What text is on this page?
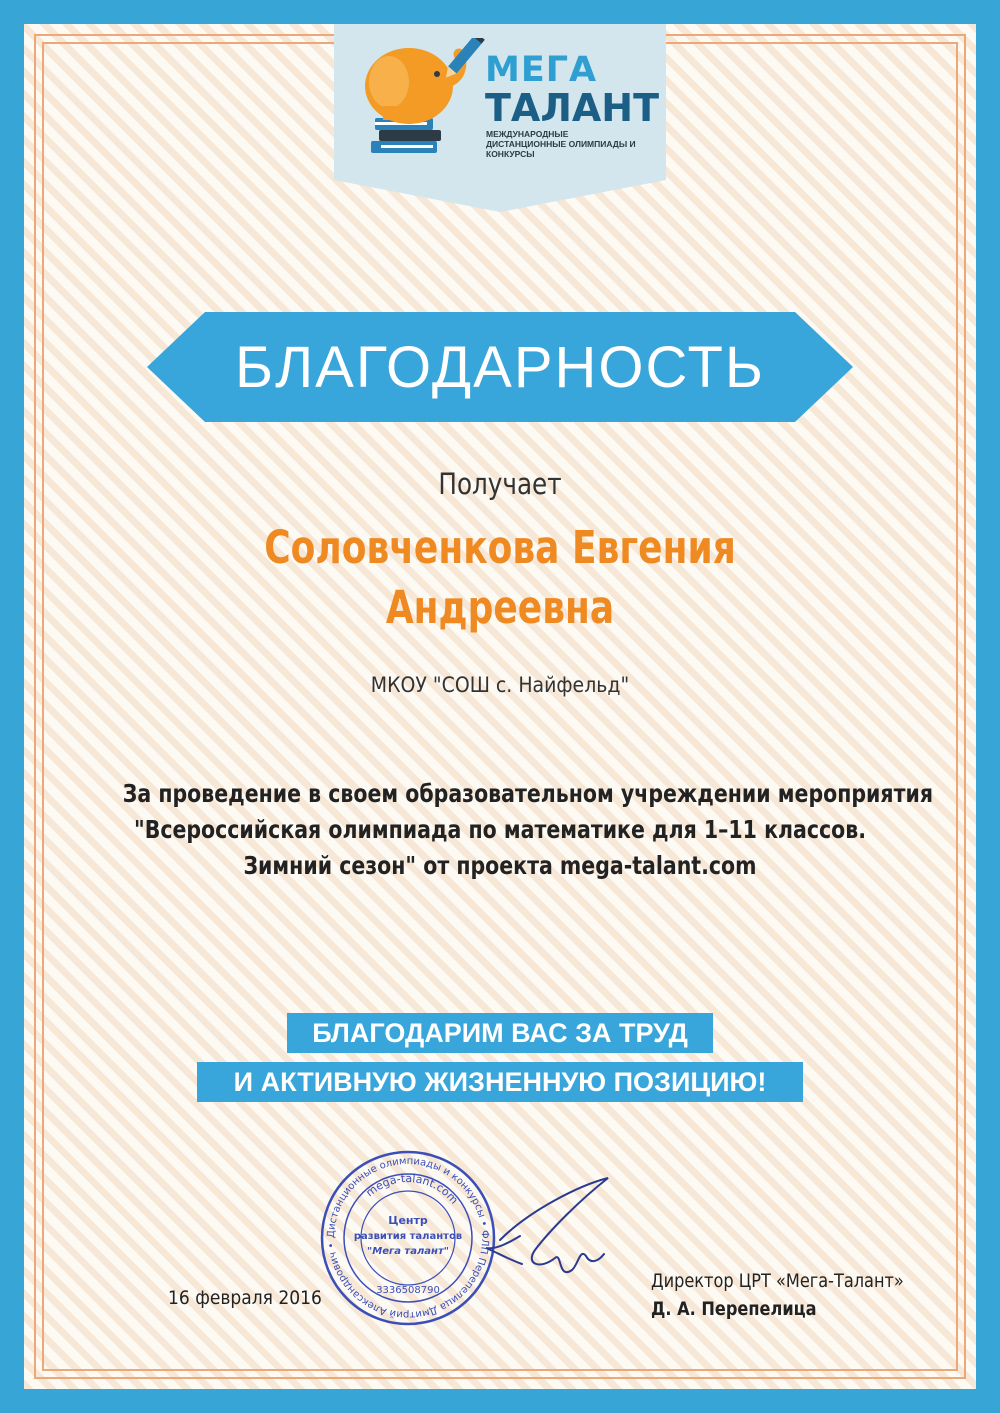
МЕГА
ТАЛАНТ
МЕЖДУНАРОДНЫЕ ДИСТАНЦИОННЫЕ ОЛИМПИАДЫ И КОНКУРСЫ
БЛАГОДАРНОСТЬ
Получает
Соловченкова Евгения
Андреевна
МКОУ "СОШ с. Найфельд"
За проведение в своем образовательном учреждении мероприятия
"Всероссийская олимпиада по математике для 1–11 классов.
Зимний сезон" от проекта mega-talant.com
БЛАГОДАРИМ ВАС ЗА ТРУД
И АКТИВНУЮ ЖИЗНЕННУЮ ПОЗИЦИЮ!
Дистанционные олимпиады и конкурсы • ФЛП Перепелица Дмитрий Александрович •
mega-talant.com
Центр
развития талантов
"Мега талант"
3336508790
16 февраля 2016
Директор ЦРТ «Мега-Талант»
Д. А. Перепелица
